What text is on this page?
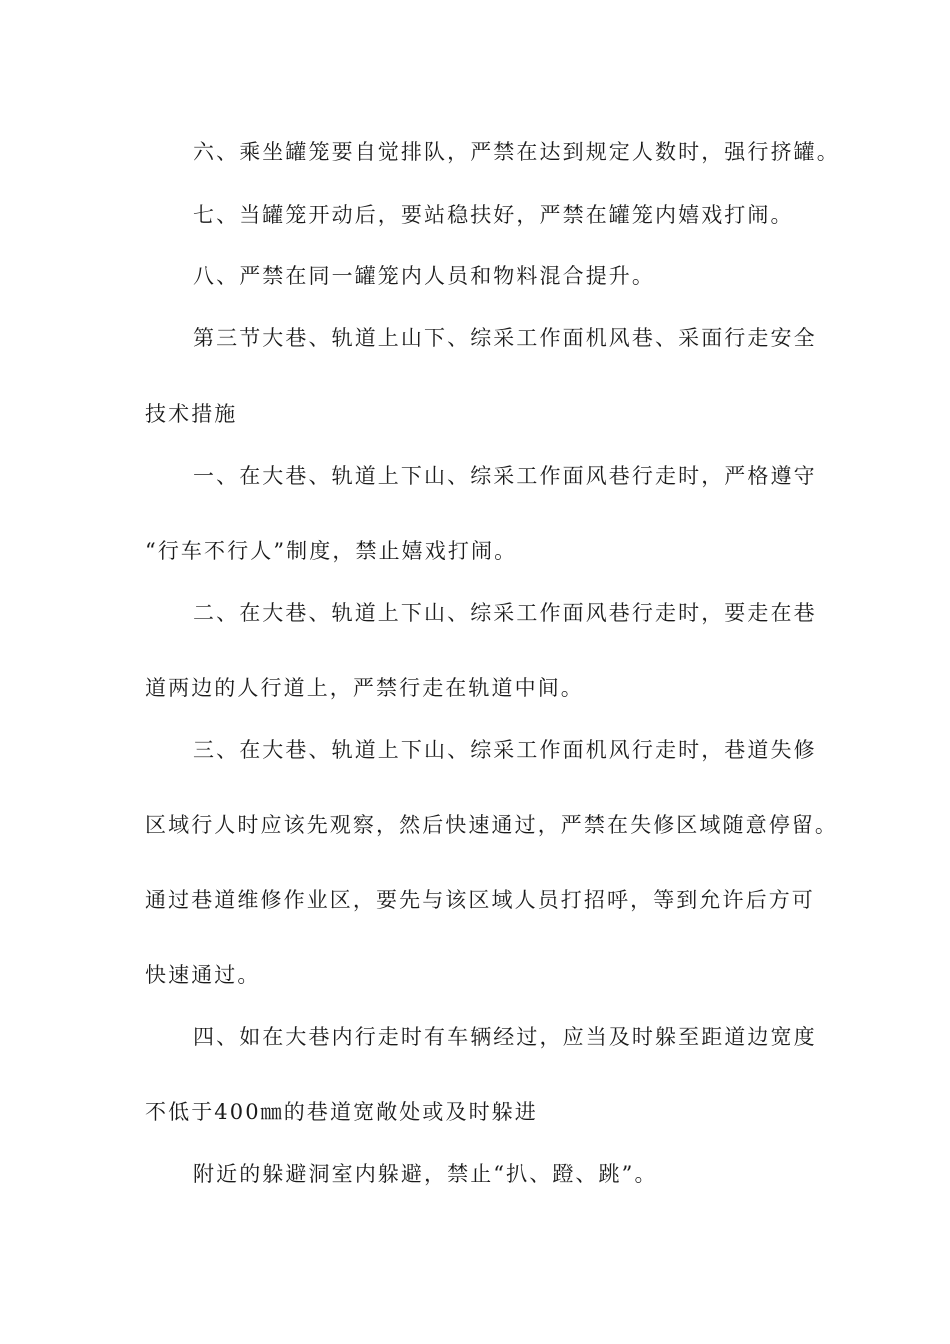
六、乘坐罐笼要自觉排队，严禁在达到规定人数时，强行挤罐。
七、当罐笼开动后，要站稳扶好，严禁在罐笼内嬉戏打闹。
八、严禁在同一罐笼内人员和物料混合提升。
第三节大巷、轨道上山下、综采工作面机风巷、采面行走安全
技术措施
一、在大巷、轨道上下山、综采工作面风巷行走时，严格遵守
“行车不行人”制度，禁止嬉戏打闹。
二、在大巷、轨道上下山、综采工作面风巷行走时，要走在巷
道两边的人行道上，严禁行走在轨道中间。
三、在大巷、轨道上下山、综采工作面机风行走时，巷道失修
区域行人时应该先观察，然后快速通过，严禁在失修区域随意停留。
通过巷道维修作业区，要先与该区域人员打招呼，等到允许后方可
快速通过。
四、如在大巷内行走时有车辆经过，应当及时躲至距道边宽度
不低于400㎜的巷道宽敞处或及时躲进
附近的躲避洞室内躲避，禁止“扒、蹬、跳”。
